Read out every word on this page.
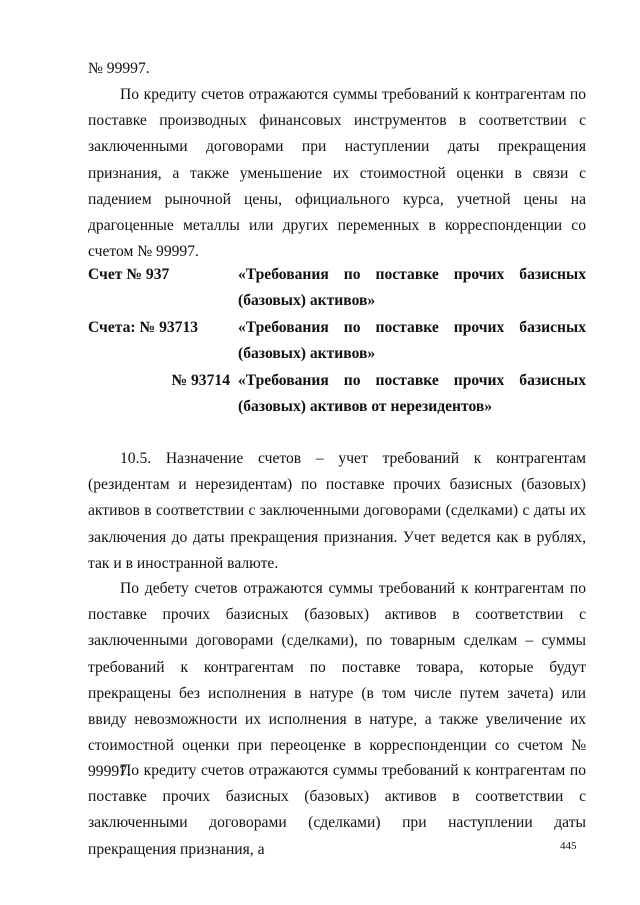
№ 99997.

По кредиту счетов отражаются суммы требований к контрагентам по поставке производных финансовых инструментов в соответствии с заключенными договорами при наступлении даты прекращения признания, а также уменьшение их стоимостной оценки в связи с падением рыночной цены, официального курса, учетной цены на драгоценные металлы или других переменных в корреспонденции со счетом № 99997.

Счет № 937	«Требования по поставке прочих базисных
(базовых) активов»
Счета: № 93713	«Требования по поставке прочих базисных
(базовых) активов»
№ 93714 «Требования по поставке прочих базисных
(базовых) активов от нерезидентов»

10.5. Назначение счетов – учет требований к контрагентам (резидентам и нерезидентам) по поставке прочих базисных (базовых) активов в соответствии с заключенными договорами (сделками) с даты их заключения до даты прекращения признания. Учет ведется как в рублях, так и в иностранной валюте.

По дебету счетов отражаются суммы требований к контрагентам по поставке прочих базисных (базовых) активов в соответствии с заключенными договорами (сделками), по товарным сделкам – суммы требований к контрагентам по поставке товара, которые будут прекращены без исполнения в натуре (в том числе путем зачета) или ввиду невозможности их исполнения в натуре, а также увеличение их стоимостной оценки при переоценке в корреспонденции со счетом № 99997.

По кредиту счетов отражаются суммы требований к контрагентам по поставке прочих базисных (базовых) активов в соответствии с заключенными договорами (сделками) при наступлении даты прекращения признания, а	445
